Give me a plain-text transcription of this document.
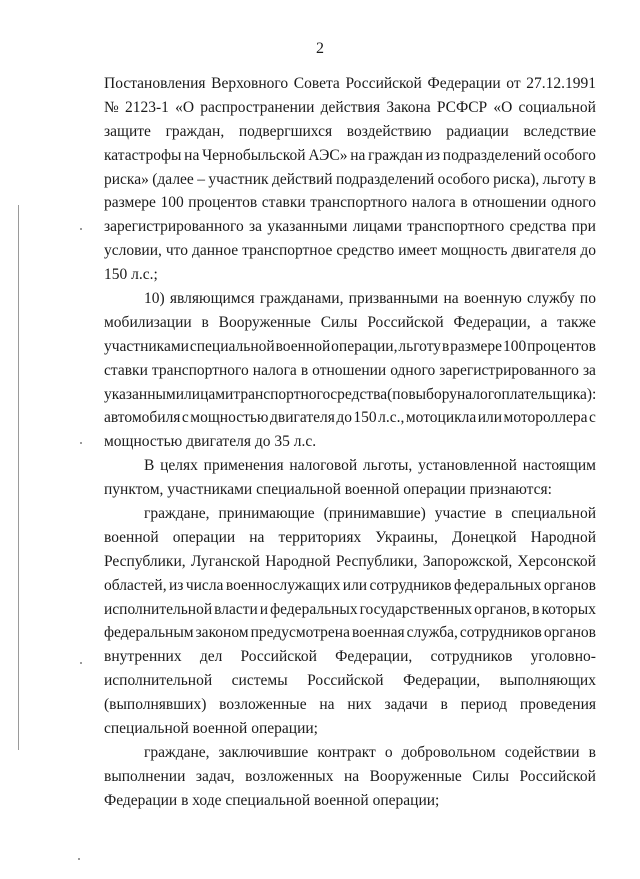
2
Постановления Верховного Совета Российской Федерации от 27.12.1991
№ 2123-1 «О распространении действия Закона РСФСР «О социальной
защите граждан, подвергшихся воздействию радиации вследствие
катастрофы на Чернобыльской АЭС» на граждан из подразделений особого
риска» (далее – участник действий подразделений особого риска), льготу в
размере 100 процентов ставки транспортного налога в отношении одного
зарегистрированного за указанными лицами транспортного средства при
условии, что данное транспортное средство имеет мощность двигателя до
150 л.с.;
10) являющимся гражданами, призванными на военную службу по
мобилизации в Вооруженные Силы Российской Федерации, а также
участниками специальной военной операции, льготу в размере 100 процентов
ставки транспортного налога в отношении одного зарегистрированного за
указанными лицами транспортного средства (по выбору налогоплательщика):
автомобиля с мощностью двигателя до 150 л.с., мотоцикла или мотороллера с
мощностью двигателя до 35 л.с.
В целях применения налоговой льготы, установленной настоящим
пунктом, участниками специальной военной операции признаются:
граждане, принимающие (принимавшие) участие в специальной
военной операции на территориях Украины, Донецкой Народной
Республики, Луганской Народной Республики, Запорожской, Херсонской
областей, из числа военнослужащих или сотрудников федеральных органов
исполнительной власти и федеральных государственных органов, в которых
федеральным законом предусмотрена военная служба, сотрудников органов
внутренних дел Российской Федерации, сотрудников уголовно-
исполнительной системы Российской Федерации, выполняющих
(выполнявших) возложенные на них задачи в период проведения
специальной военной операции;
граждане, заключившие контракт о добровольном содействии в
выполнении задач, возложенных на Вооруженные Силы Российской
Федерации в ходе специальной военной операции;
